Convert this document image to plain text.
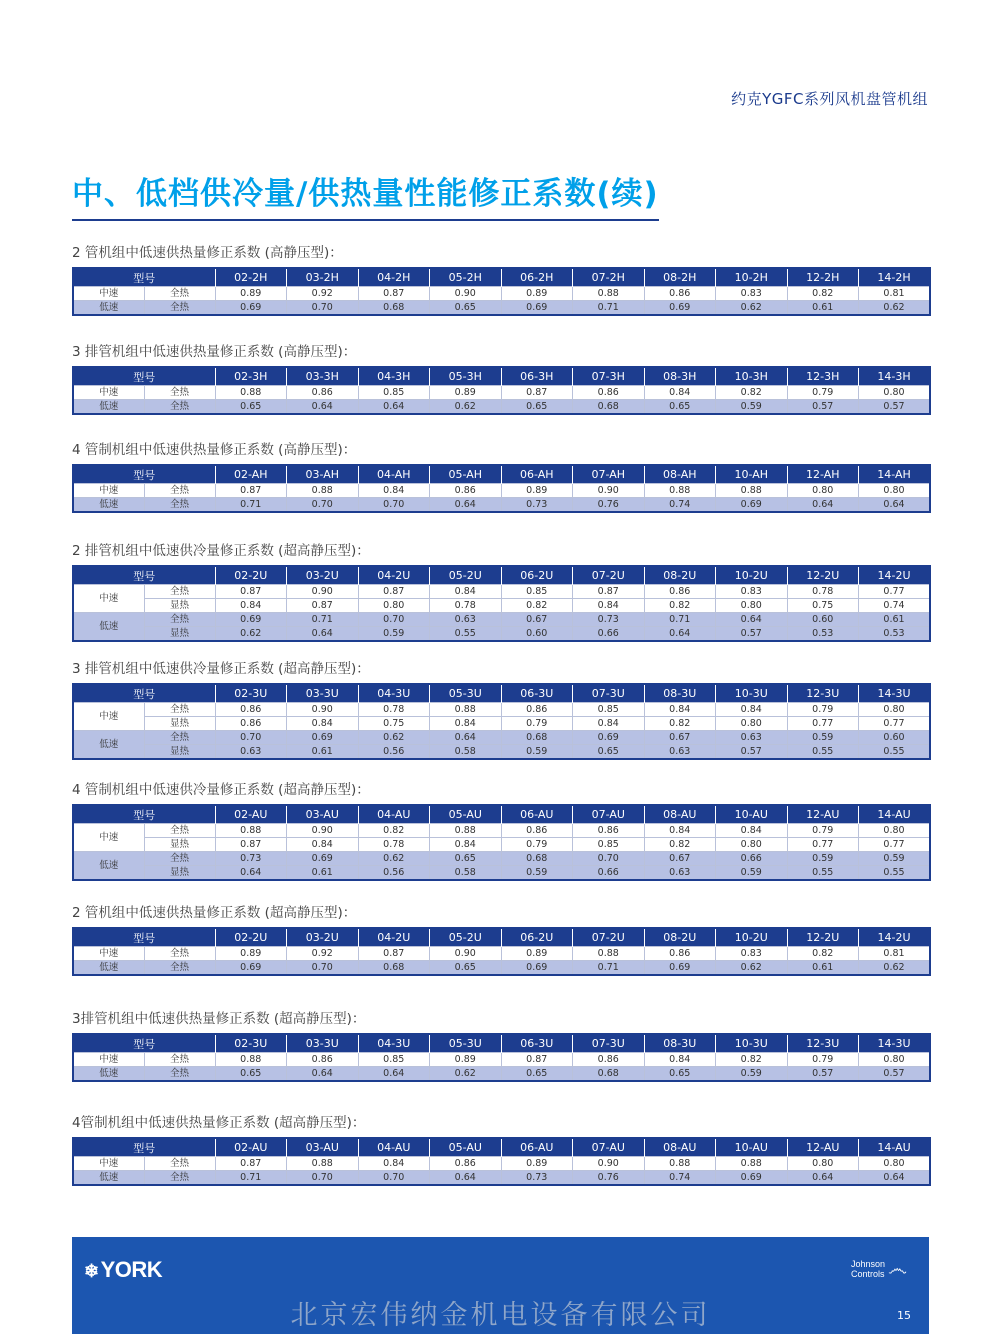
约克YGFC系列风机盘管机组
中、低档供冷量/供热量性能修正系数(续)
2 管机组中低速供热量修正系数 (高静压型)：
型号		02-2H	03-2H	04-2H	05-2H	06-2H	07-2H	08-2H	10-2H	12-2H	14-2H
中速	全热	0.89	0.92	0.87	0.90	0.89	0.88	0.86	0.83	0.82	0.81
低速	全热	0.69	0.70	0.68	0.65	0.69	0.71	0.69	0.62	0.61	0.62
3 排管机组中低速供热量修正系数 (高静压型)：
型号		02-3H	03-3H	04-3H	05-3H	06-3H	07-3H	08-3H	10-3H	12-3H	14-3H
中速	全热	0.88	0.86	0.85	0.89	0.87	0.86	0.84	0.82	0.79	0.80
低速	全热	0.65	0.64	0.64	0.62	0.65	0.68	0.65	0.59	0.57	0.57
4 管制机组中低速供热量修正系数 (高静压型)：
型号		02-AH	03-AH	04-AH	05-AH	06-AH	07-AH	08-AH	10-AH	12-AH	14-AH
中速	全热	0.87	0.88	0.84	0.86	0.89	0.90	0.88	0.88	0.80	0.80
低速	全热	0.71	0.70	0.70	0.64	0.73	0.76	0.74	0.69	0.64	0.64
2 排管机组中低速供冷量修正系数 (超高静压型)：
型号		02-2U	03-2U	04-2U	05-2U	06-2U	07-2U	08-2U	10-2U	12-2U	14-2U
中速	全热	0.87	0.90	0.87	0.84	0.85	0.87	0.86	0.83	0.78	0.77
	显热	0.84	0.87	0.80	0.78	0.82	0.84	0.82	0.80	0.75	0.74
低速	全热	0.69	0.71	0.70	0.63	0.67	0.73	0.71	0.64	0.60	0.61
	显热	0.62	0.64	0.59	0.55	0.60	0.66	0.64	0.57	0.53	0.53
3 排管机组中低速供冷量修正系数 (超高静压型)：
型号		02-3U	03-3U	04-3U	05-3U	06-3U	07-3U	08-3U	10-3U	12-3U	14-3U
中速	全热	0.86	0.90	0.78	0.88	0.86	0.85	0.84	0.84	0.79	0.80
	显热	0.86	0.84	0.75	0.84	0.79	0.84	0.82	0.80	0.77	0.77
低速	全热	0.70	0.69	0.62	0.64	0.68	0.69	0.67	0.63	0.59	0.60
	显热	0.63	0.61	0.56	0.58	0.59	0.65	0.63	0.57	0.55	0.55
4 管制机组中低速供冷量修正系数 (超高静压型)：
型号		02-AU	03-AU	04-AU	05-AU	06-AU	07-AU	08-AU	10-AU	12-AU	14-AU
中速	全热	0.88	0.90	0.82	0.88	0.86	0.86	0.84	0.84	0.79	0.80
	显热	0.87	0.84	0.78	0.84	0.79	0.85	0.82	0.80	0.77	0.77
低速	全热	0.73	0.69	0.62	0.65	0.68	0.70	0.67	0.66	0.59	0.59
	显热	0.64	0.61	0.56	0.58	0.59	0.66	0.63	0.59	0.55	0.55
2 管机组中低速供热量修正系数 (超高静压型)：
型号		02-2U	03-2U	04-2U	05-2U	06-2U	07-2U	08-2U	10-2U	12-2U	14-2U
中速	全热	0.89	0.92	0.87	0.90	0.89	0.88	0.86	0.83	0.82	0.81
低速	全热	0.69	0.70	0.68	0.65	0.69	0.71	0.69	0.62	0.61	0.62
3排管机组中低速供热量修正系数 (超高静压型)：
型号		02-3U	03-3U	04-3U	05-3U	06-3U	07-3U	08-3U	10-3U	12-3U	14-3U
中速	全热	0.88	0.86	0.85	0.89	0.87	0.86	0.84	0.82	0.79	0.80
低速	全热	0.65	0.64	0.64	0.62	0.65	0.68	0.65	0.59	0.57	0.57
4管制机组中低速供热量修正系数 (超高静压型)：
型号		02-AU	03-AU	04-AU	05-AU	06-AU	07-AU	08-AU	10-AU	12-AU	14-AU
中速	全热	0.87	0.88	0.84	0.86	0.89	0.90	0.88	0.88	0.80	0.80
低速	全热	0.71	0.70	0.70	0.64	0.73	0.76	0.74	0.69	0.64	0.64
❄YORK	Johnson
Controls ෴
北京宏伟纳金机电设备有限公司	15
